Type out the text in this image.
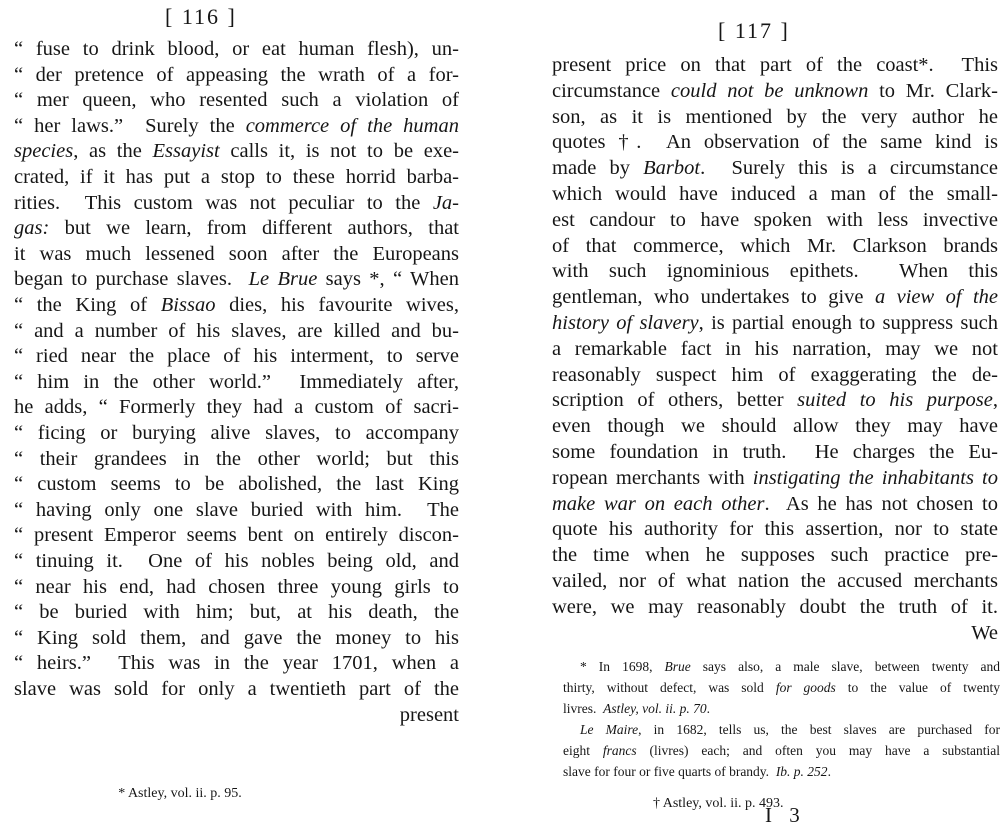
[ 116 ]
“ fuse to drink blood, or eat human flesh), un-
“ der pretence of appeasing the wrath of a for-
“ mer queen, who resented such a violation of
“ her laws.”  Surely the commerce of the human
species, as the Essayist calls it, is not to be exe-
crated, if it has put a stop to these horrid barba-
rities.  This custom was not peculiar to the Ja-
gas: but we learn, from different authors, that
it was much lessened soon after the Europeans
began to purchase slaves.  Le Brue says *, “ When
“ the King of Bissao dies, his favourite wives,
“ and a number of his slaves, are killed and bu-
“ ried near the place of his interment, to serve
“ him in the other world.”  Immediately after,
he adds, “ Formerly they had a custom of sacri-
“ ficing or burying alive slaves, to accompany
“ their grandees in the other world; but this
“ custom seems to be abolished, the last King
“ having only one slave buried with him.  The
“ present Emperor seems bent on entirely discon-
“ tinuing it.  One of his nobles being old, and
“ near his end, had chosen three young girls to
“ be buried with him; but, at his death, the
“ King sold them, and gave the money to his
“ heirs.”  This was in the year 1701, when a
slave was sold for only a twentieth part of the
present
* Astley, vol. ii. p. 95.
[ 117 ]
present price on that part of the coast*.  This
circumstance could not be unknown to Mr. Clark-
son, as it is mentioned by the very author he
quotes †.  An observation of the same kind is
made by Barbot.  Surely this is a circumstance
which would have induced a man of the small-
est candour to have spoken with less invective
of that commerce, which Mr. Clarkson brands
with such ignominious epithets.  When this
gentleman, who undertakes to give a view of the
history of slavery, is partial enough to suppress such
a remarkable fact in his narration, may we not
reasonably suspect him of exaggerating the de-
scription of others, better suited to his purpose,
even though we should allow they may have
some foundation in truth.  He charges the Eu-
ropean merchants with instigating the inhabitants to
make war on each other.  As he has not chosen to
quote his authority for this assertion, nor to state
the time when he supposes such practice pre-
vailed, nor of what nation the accused merchants
were, we may reasonably doubt the truth of it.
We
* In 1698, Brue says also, a male slave, between twenty and
thirty, without defect, was sold for goods to the value of twenty
livres.  Astley, vol. ii. p. 70.
Le Maire, in 1682, tells us, the best slaves are purchased for
eight francs (livres) each; and often you may have a substantial
slave for four or five quarts of brandy.  Ib. p. 252.
† Astley, vol. ii. p. 493.
I 3
